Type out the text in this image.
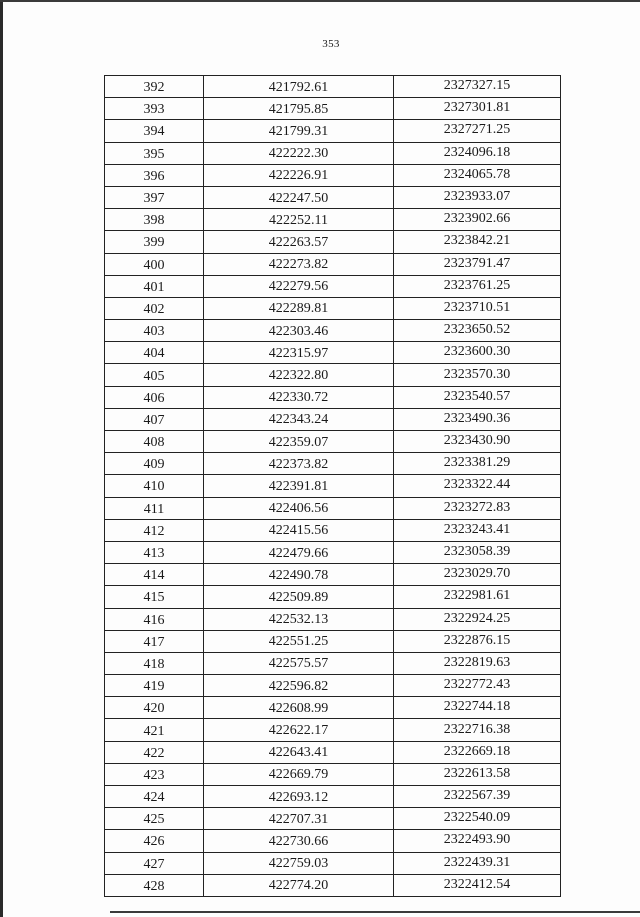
353
392	421792.61	2327327.15
393	421795.85	2327301.81
394	421799.31	2327271.25
395	422222.30	2324096.18
396	422226.91	2324065.78
397	422247.50	2323933.07
398	422252.11	2323902.66
399	422263.57	2323842.21
400	422273.82	2323791.47
401	422279.56	2323761.25
402	422289.81	2323710.51
403	422303.46	2323650.52
404	422315.97	2323600.30
405	422322.80	2323570.30
406	422330.72	2323540.57
407	422343.24	2323490.36
408	422359.07	2323430.90
409	422373.82	2323381.29
410	422391.81	2323322.44
411	422406.56	2323272.83
412	422415.56	2323243.41
413	422479.66	2323058.39
414	422490.78	2323029.70
415	422509.89	2322981.61
416	422532.13	2322924.25
417	422551.25	2322876.15
418	422575.57	2322819.63
419	422596.82	2322772.43
420	422608.99	2322744.18
421	422622.17	2322716.38
422	422643.41	2322669.18
423	422669.79	2322613.58
424	422693.12	2322567.39
425	422707.31	2322540.09
426	422730.66	2322493.90
427	422759.03	2322439.31
428	422774.20	2322412.54
